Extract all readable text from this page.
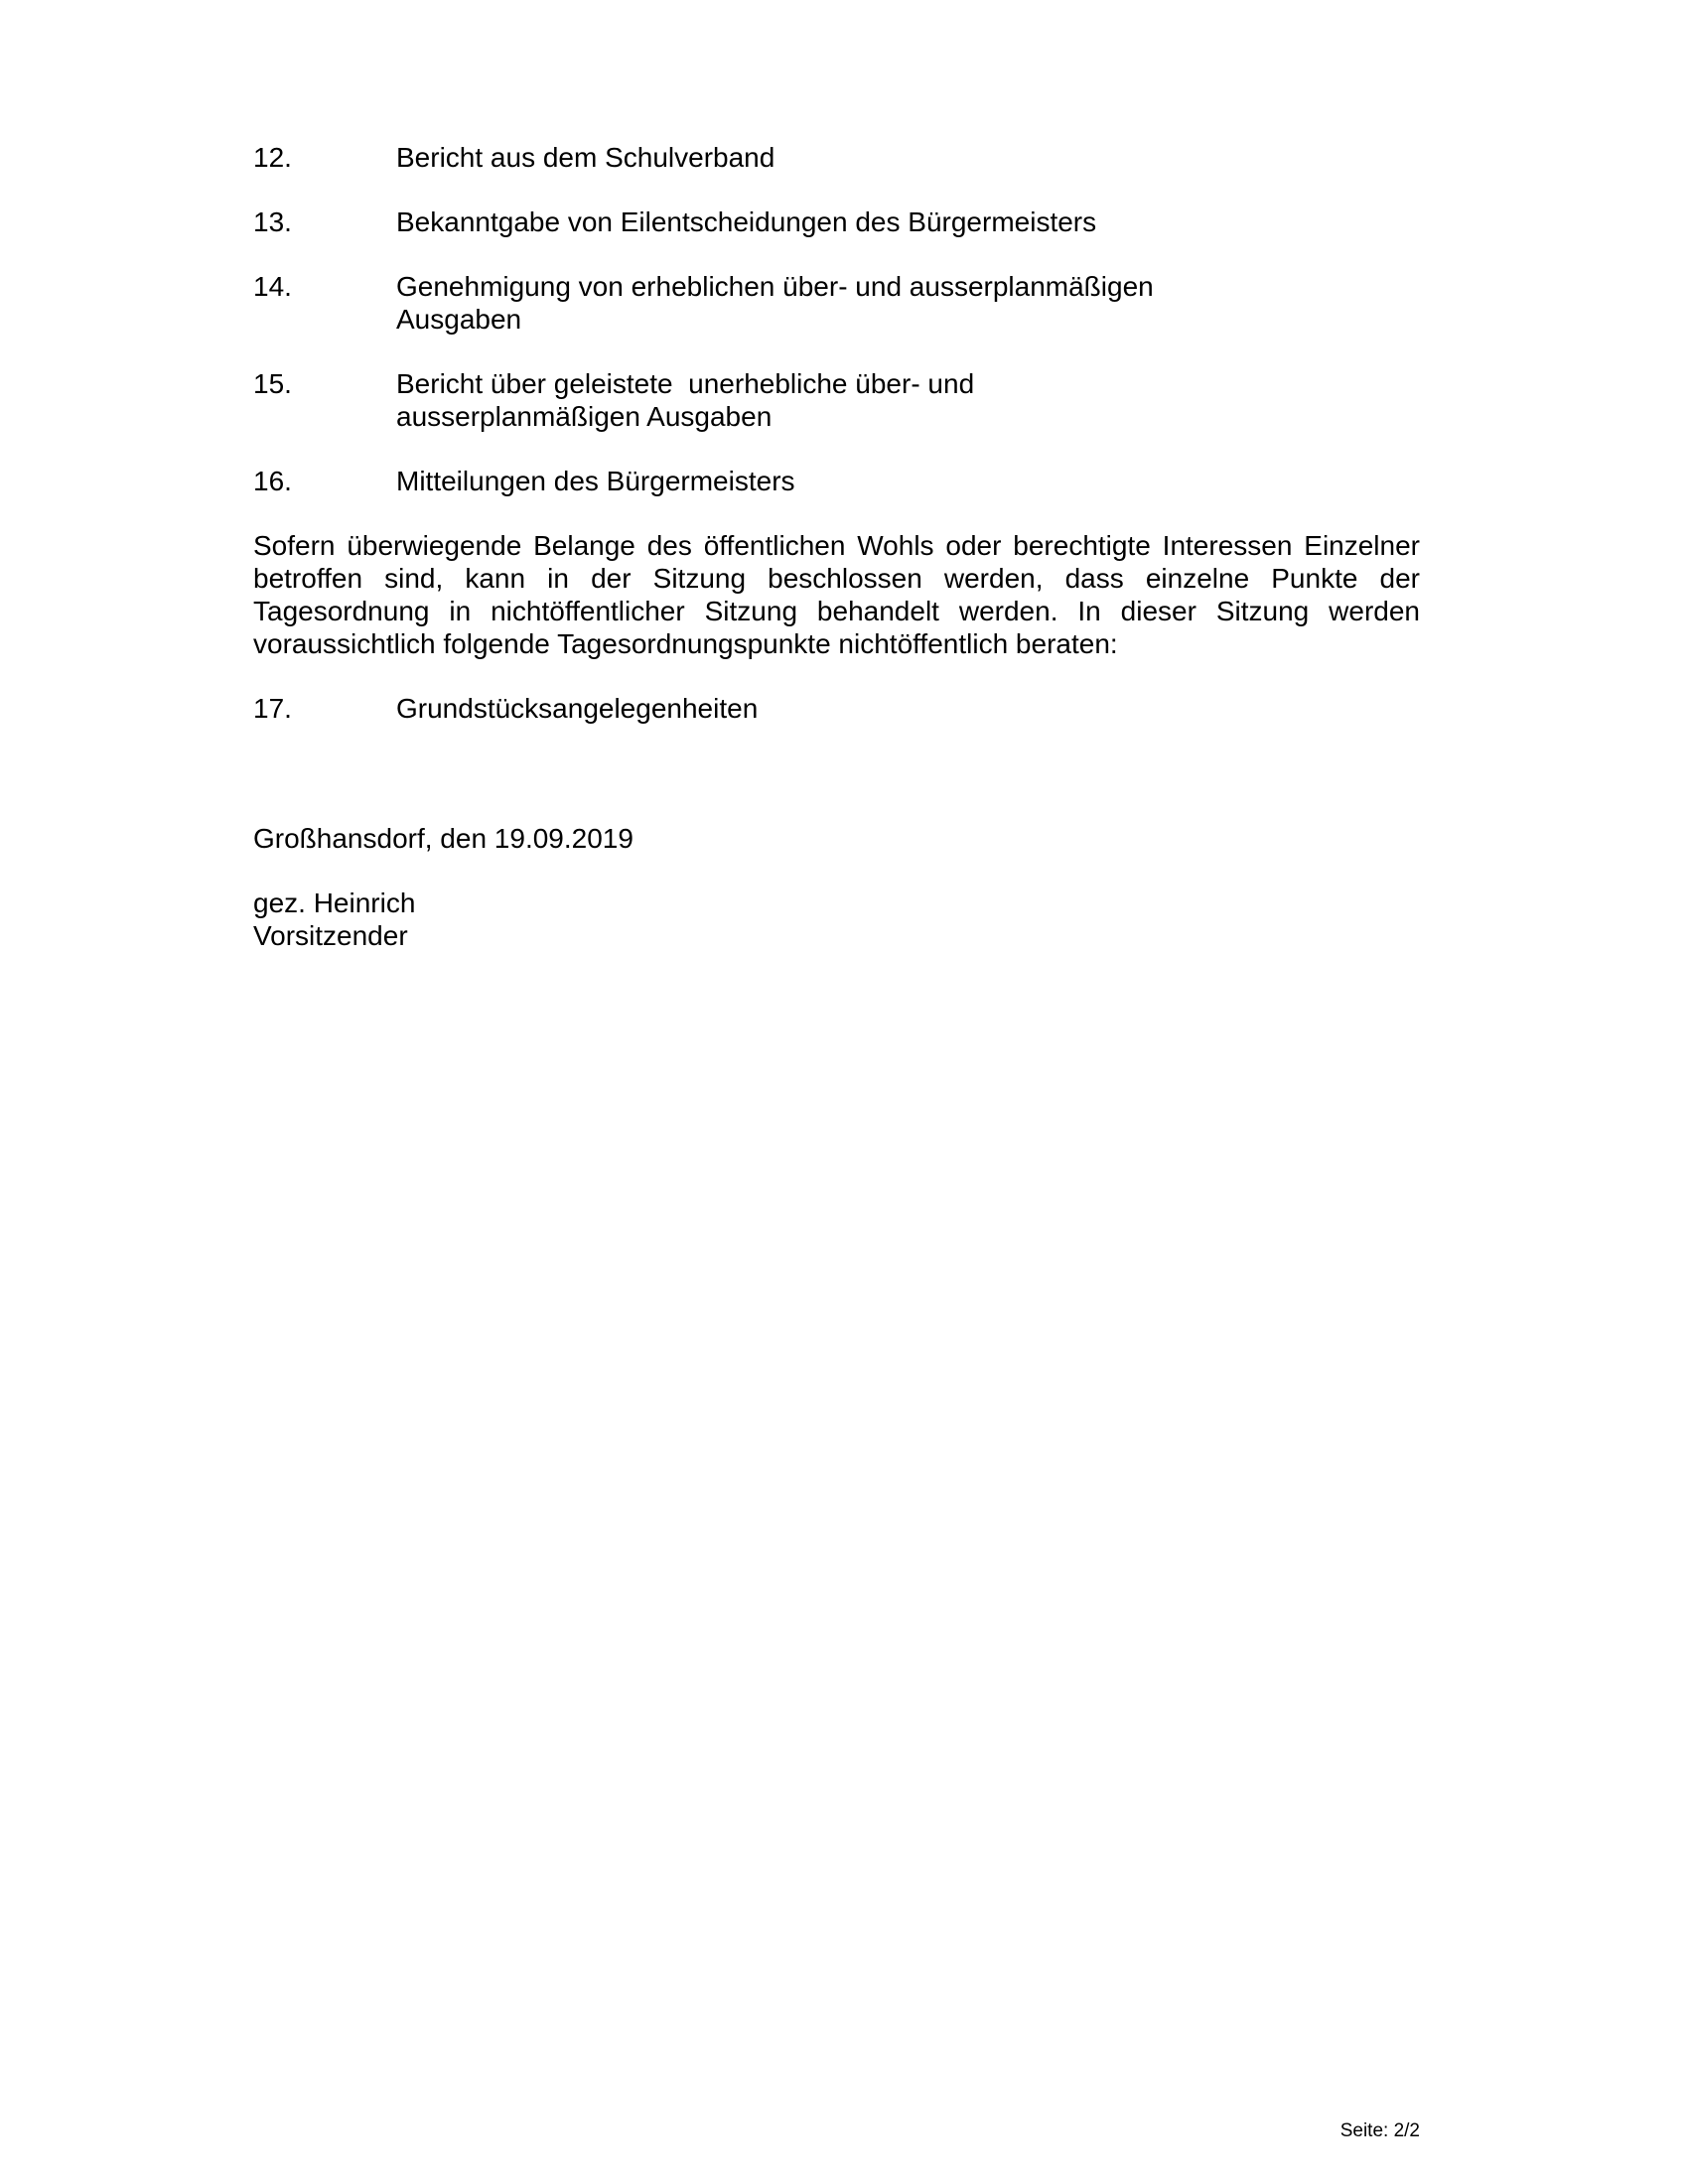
12.	Bericht aus dem Schulverband
13.	Bekanntgabe von Eilentscheidungen des Bürgermeisters
14.	Genehmigung von erheblichen über- und ausserplanmäßigen
Ausgaben
15.	Bericht über geleistete  unerhebliche über- und
ausserplanmäßigen Ausgaben
16.	Mitteilungen des Bürgermeisters

Sofern überwiegende Belange des öffentlichen Wohls oder berechtigte Interessen Einzelner betroffen sind, kann in der Sitzung beschlossen werden, dass einzelne Punkte der Tagesordnung in nichtöffentlicher Sitzung behandelt werden. In dieser Sitzung werden voraussichtlich folgende Tagesordnungspunkte nichtöffentlich beraten:

17.	Grundstücksangelegenheiten
Großhansdorf, den 19.09.2019
gez. Heinrich
Vorsitzender
Seite: 2/2
